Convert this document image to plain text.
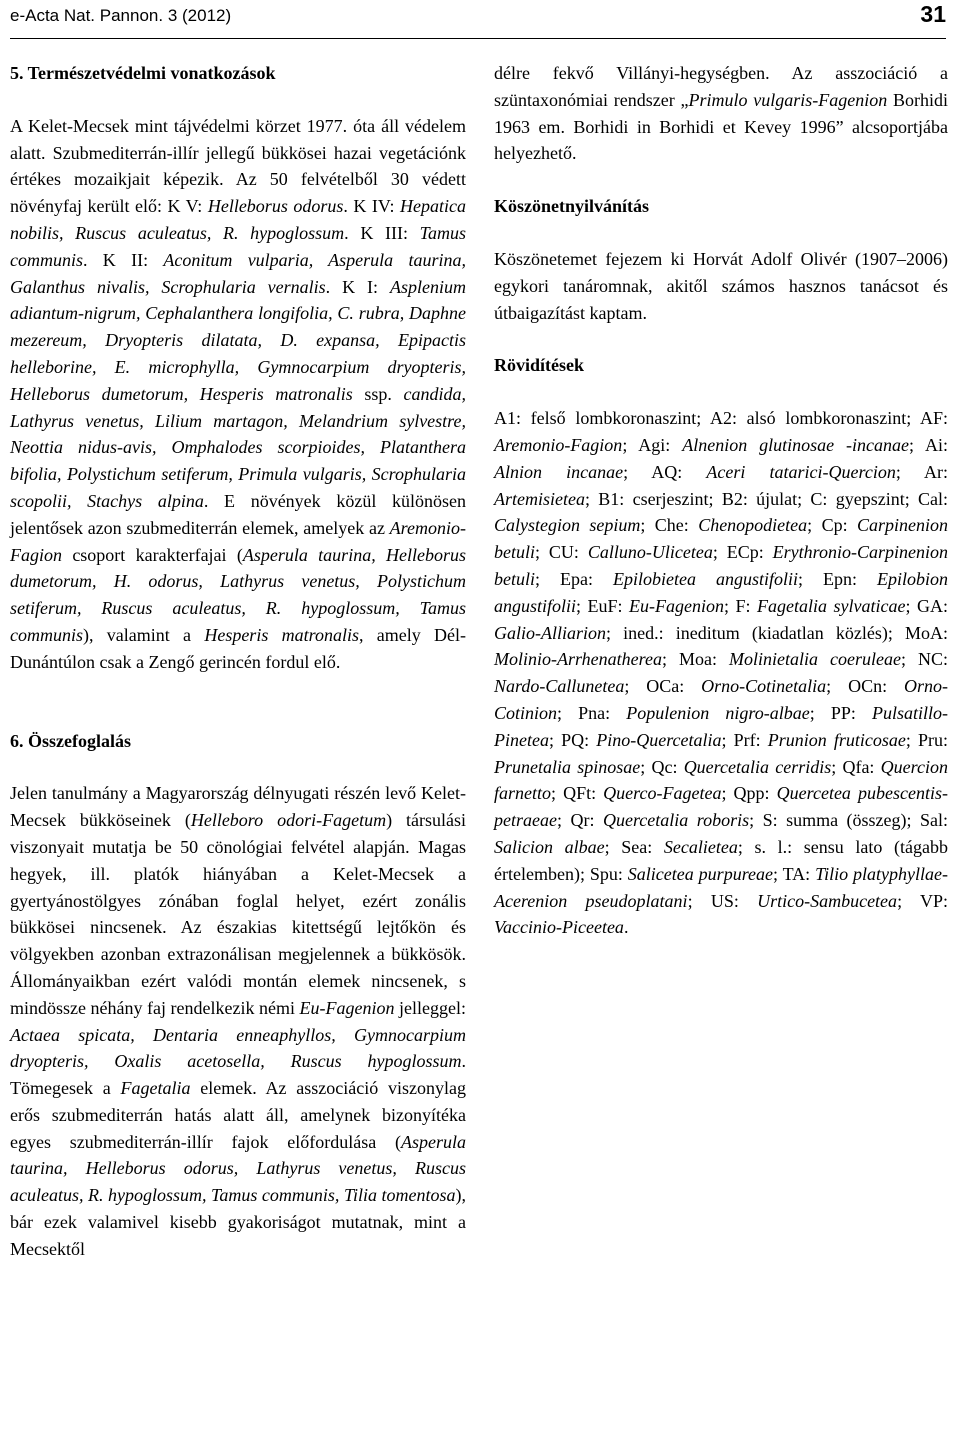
e-Acta Nat. Pannon. 3 (2012)	31
5. Természetvédelmi vonatkozások

A Kelet-Mecsek mint tájvédelmi körzet 1977. óta áll védelem alatt. Szubmediterrán-illír jellegű bükkösei hazai vegetációnk értékes mozaikjait képezik. Az 50 felvételből 30 védett növényfaj került elő: K V: Helleborus odorus. K IV: Hepatica nobilis, Ruscus aculeatus, R. hypoglossum. K III: Tamus communis. K II: Aconitum vulparia, Asperula taurina, Galanthus nivalis, Scrophularia vernalis. K I: Asplenium adiantum-nigrum, Cephalanthera longifolia, C. rubra, Daphne mezereum, Dryopteris dilatata, D. expansa, Epipactis helleborine, E. microphylla, Gymnocarpium dryopteris, Helleborus dumetorum, Hesperis matronalis ssp. candida, Lathyrus venetus, Lilium martagon, Melandrium sylvestre, Neottia nidus-avis, Omphalodes scorpioides, Platanthera bifolia, Polystichum setiferum, Primula vulgaris, Scrophularia scopolii, Stachys alpina. E növények közül különösen jelentősek azon szubmediterrán elemek, amelyek az Aremonio-Fagion csoport karakterfajai (Asperula taurina, Helleborus dumetorum, H. odorus, Lathyrus venetus, Polystichum setiferum, Ruscus aculeatus, R. hypoglossum, Tamus communis), valamint a Hesperis matronalis, amely Dél-Dunántúlon csak a Zengő gerincén fordul elő.

6. Összefoglalás

Jelen tanulmány a Magyarország délnyugati részén levő Kelet-Mecsek bükköseinek (Helleboro odori-Fagetum) társulási viszonyait mutatja be 50 cönológiai felvétel alapján. Magas hegyek, ill. platók hiányában a Kelet-Mecsek a gyertyánostölgyes zónában foglal helyet, ezért zonális bükkösei nincsenek. Az északias kitettségű lejtőkön és völgyekben azonban extrazonálisan megjelennek a bükkösök. Állományaikban ezért valódi montán elemek nincsenek, s mindössze néhány faj rendelkezik némi Eu-Fagenion jelleggel: Actaea spicata, Dentaria enneaphyllos, Gymnocarpium dryopteris, Oxalis acetosella, Ruscus hypoglossum. Tömegesek a Fagetalia elemek. Az asszociáció viszonylag erős szubmediterrán hatás alatt áll, amelynek bizonyítéka egyes szubmediterrán-illír fajok előfordulása (Asperula taurina, Helleborus odorus, Lathyrus venetus, Ruscus aculeatus, R. hypoglossum, Tamus communis, Tilia tomentosa), bár ezek valamivel kisebb gyakoriságot mutatnak, mint a Mecsektől

délre fekvő Villányi-hegységben. Az asszociáció a szüntaxonómiai rendszer „Primulo vulgaris-Fagenion Borhidi 1963 em. Borhidi in Borhidi et Kevey 1996” alcsoportjába helyezhető.

Köszönetnyilvánítás

Köszönetemet fejezem ki Horvát Adolf Olivér (1907–2006) egykori tanáromnak, akitől számos hasznos tanácsot és útbaigazítást kaptam.

Rövidítések

A1: felső lombkoronaszint; A2: alsó lombkoronaszint; AF: Aremonio-Fagion; Agi: Alnenion glutinosae -incanae; Ai: Alnion incanae; AQ: Aceri tatarici-Quercion; Ar: Artemisietea; B1: cserjeszint; B2: újulat; C: gyepszint; Cal: Calystegion sepium; Che: Chenopodietea; Cp: Carpinenion betuli; CU: Calluno-Ulicetea; ECp: Erythronio-Carpinenion betuli; Epa: Epilobietea angustifolii; Epn: Epilobion angustifolii; EuF: Eu-Fagenion; F: Fagetalia sylvaticae; GA: Galio-Alliarion; ined.: ineditum (kiadatlan közlés); MoA: Molinio-Arrhenatherea; Moa: Molinietalia coeruleae; NC: Nardo-Callunetea; OCa: Orno-Cotinetalia; OCn: Orno-Cotinion; Pna: Populenion nigro-albae; PP: Pulsatillo-Pinetea; PQ: Pino-Quercetalia; Prf: Prunion fruticosae; Pru: Prunetalia spinosae; Qc: Quercetalia cerridis; Qfa: Quercion farnetto; QFt: Querco-Fagetea; Qpp: Quercetea pubescentis-petraeae; Qr: Quercetalia roboris; S: summa (összeg); Sal: Salicion albae; Sea: Secalietea; s. l.: sensu lato (tágabb értelemben); Spu: Salicetea purpureae; TA: Tilio platyphyllae-Acerenion pseudoplatani; US: Urtico-Sambucetea; VP: Vaccinio-Piceetea.
